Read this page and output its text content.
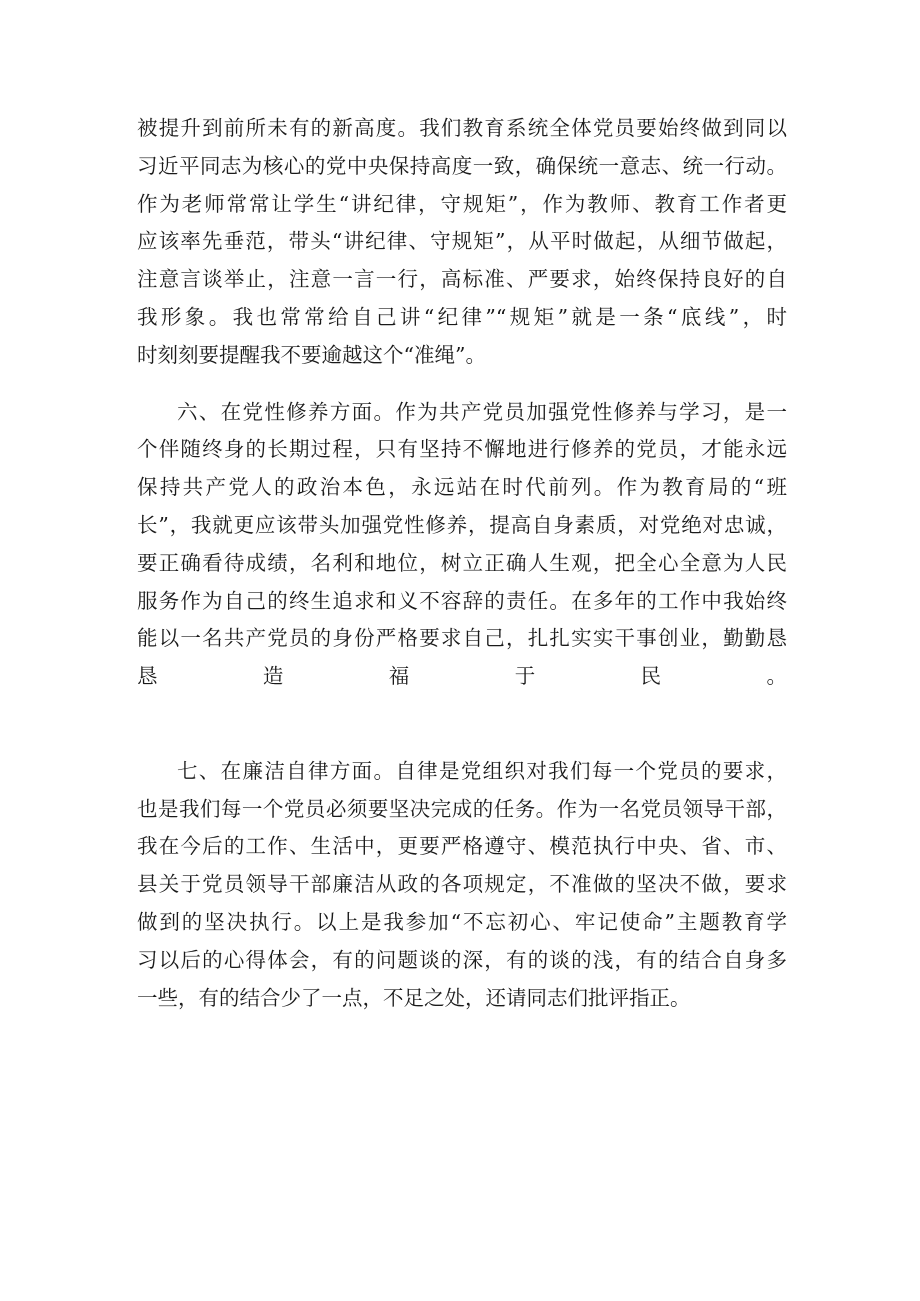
被提升到前所未有的新高度。我们教育系统全体党员要始终做到同以
习近平同志为核心的党中央保持高度一致，确保统一意志、统一行动。
作为老师常常让学生“讲纪律，守规矩”，作为教师、教育工作者更
应该率先垂范，带头“讲纪律、守规矩”，从平时做起，从细节做起，
注意言谈举止，注意一言一行，高标准、严要求，始终保持良好的自
我形象。我也常常给自己讲“纪律”“规矩”就是一条“底线”，时
时刻刻要提醒我不要逾越这个“准绳”。
六、在党性修养方面。作为共产党员加强党性修养与学习，是一
个伴随终身的长期过程，只有坚持不懈地进行修养的党员，才能永远
保持共产党人的政治本色，永远站在时代前列。作为教育局的“班
长”，我就更应该带头加强党性修养，提高自身素质，对党绝对忠诚，
要正确看待成绩，名利和地位，树立正确人生观，把全心全意为人民
服务作为自己的终生追求和义不容辞的责任。在多年的工作中我始终
能以一名共产党员的身份严格要求自己，扎扎实实干事创业，勤勤恳
恳造福于民。
七、在廉洁自律方面。自律是党组织对我们每一个党员的要求，
也是我们每一个党员必须要坚决完成的任务。作为一名党员领导干部，
我在今后的工作、生活中，更要严格遵守、模范执行中央、省、市、
县关于党员领导干部廉洁从政的各项规定，不准做的坚决不做，要求
做到的坚决执行。以上是我参加“不忘初心、牢记使命”主题教育学
习以后的心得体会，有的问题谈的深，有的谈的浅，有的结合自身多
一些，有的结合少了一点，不足之处，还请同志们批评指正。
